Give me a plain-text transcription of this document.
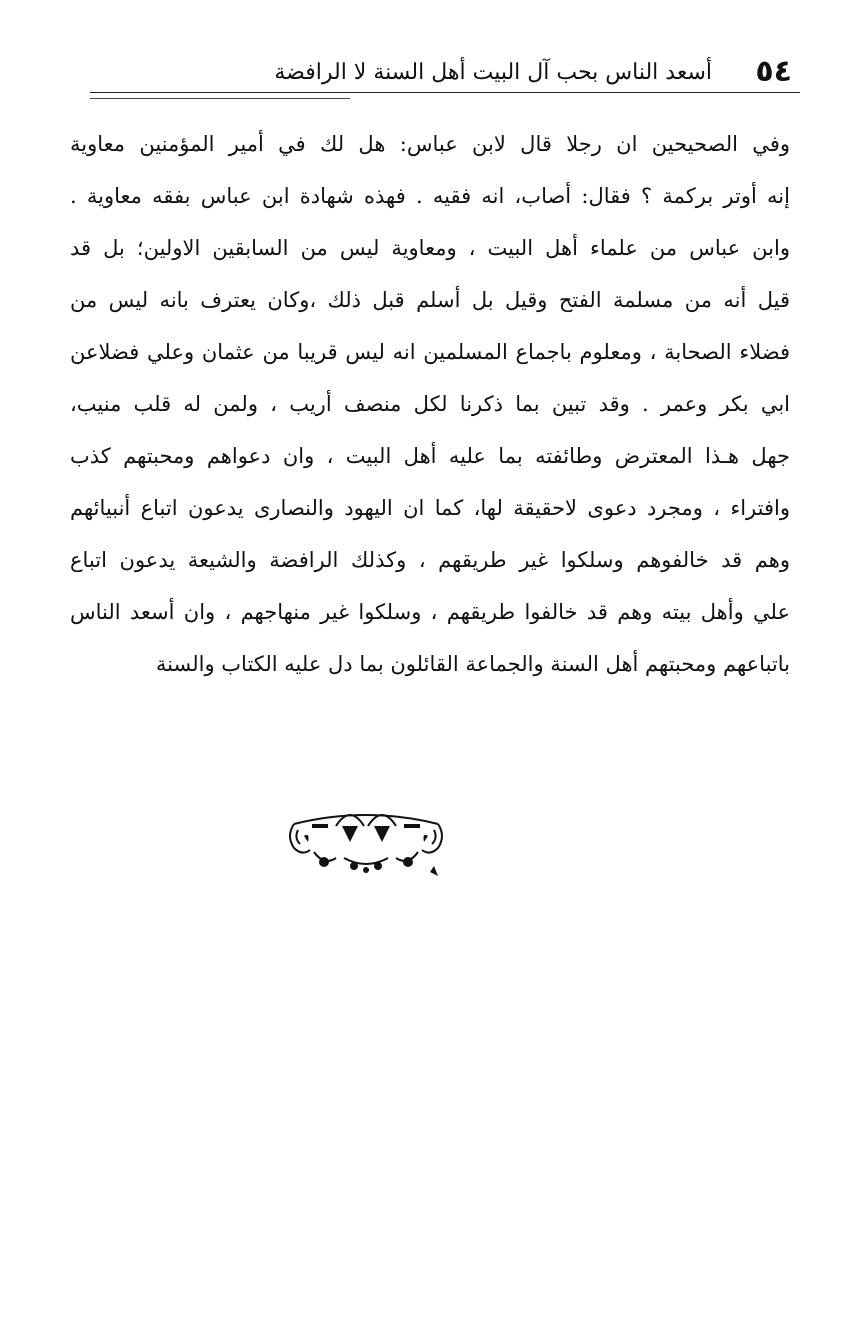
٥٤
أسعد الناس بحب آل البيت أهل السنة لا الرافضة
وفي الصحيحين ان رجلا قال لابن عباس: هل لك في أمير المؤمنين معاوية
إنه أوتر بركمة ؟ فقال: أصاب، انه فقيه . فهذه شهادة ابن عباس بفقه معاوية .
وابن عباس من علماء أهل البيت ، ومعاوية ليس من السابقين الاولين؛ بل قد
قيل أنه من مسلمة الفتح وقيل بل أسلم قبل ذلك ،وكان يعترف بانه ليس من
فضلاء الصحابة ، ومعلوم باجماع المسلمين انه ليس قريبا من عثمان وعلي فضلاعن
ابي بكر وعمر . وقد تبين بما ذكرنا لكل منصف أريب ، ولمن له قلب منيب،
جهل هـذا المعترض وطائفته بما عليه أهل البيت ، وان دعواهم ومحبتهم كذب
وافتراء ، ومجرد دعوى لاحقيقة لها، كما ان اليهود والنصارى يدعون اتباع أنبيائهم
وهم قد خالفوهم وسلكوا غير طريقهم ، وكذلك الرافضة والشيعة يدعون اتباع
علي وأهل بيته وهم قد خالفوا طريقهم ، وسلكوا غير منهاجهم ، وان أسعد الناس
باتباعهم ومحبتهم أهل السنة والجماعة القائلون بما دل عليه الكتاب والسنة
